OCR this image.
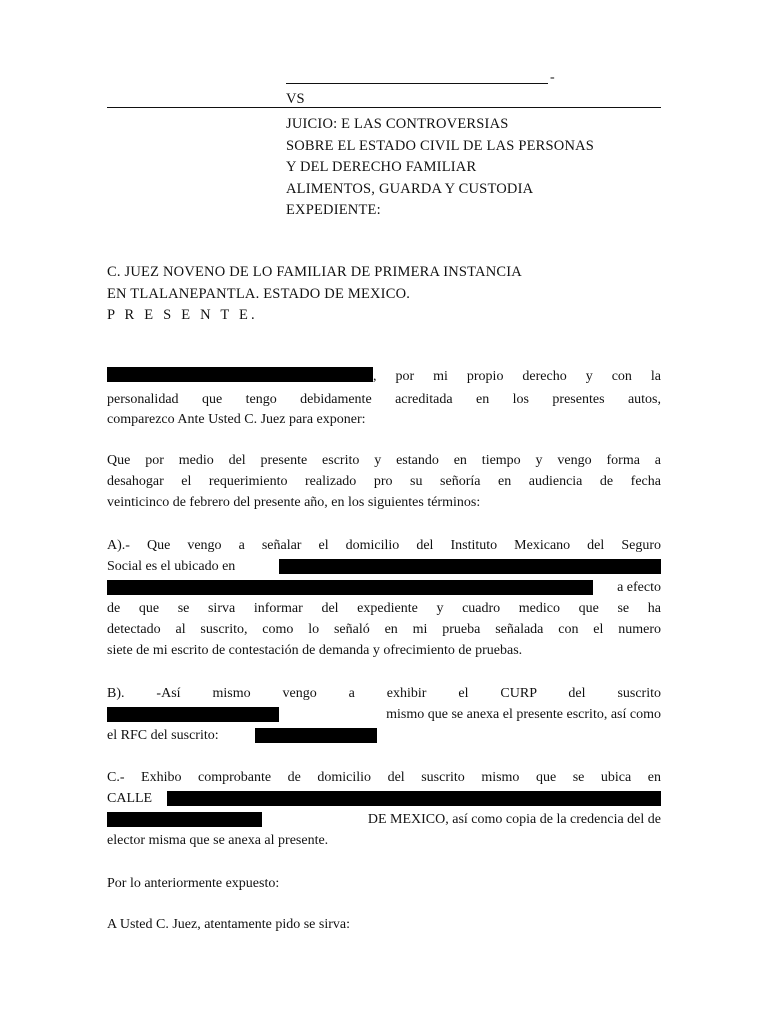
-
VS
JUICIO: E LAS CONTROVERSIAS
SOBRE EL ESTADO CIVIL DE LAS PERSONAS
Y DEL DERECHO FAMILIAR
ALIMENTOS, GUARDA Y CUSTODIA
EXPEDIENTE:
C. JUEZ NOVENO DE LO FAMILIAR DE PRIMERA INSTANCIA
EN TLALANEPANTLA. ESTADO DE MEXICO.
P R E S E N T E.
, por mi propio derecho y con la
personalidad que tengo debidamente acreditada en los presentes autos,
comparezco Ante Usted C. Juez para exponer:
Que por medio del presente escrito y estando en tiempo y vengo forma a
desahogar el requerimiento realizado pro su señoría en audiencia de fecha
veinticinco de febrero del presente año, en los siguientes términos:
A).- Que vengo a señalar el domicilio del Instituto Mexicano del Seguro
Social es el ubicado en
a efecto
de que se sirva informar del expediente y cuadro medico que se ha
detectado al suscrito, como lo señaló en mi prueba señalada con el numero
siete de mi escrito de contestación de demanda y ofrecimiento de pruebas.
B). -Así mismo vengo a exhibir el CURP del suscrito
mismo que se anexa el presente escrito, así como
el RFC del suscrito:
C.- Exhibo comprobante de domicilio del suscrito mismo que se ubica en
CALLE
DE MEXICO, así como copia de la credencia del de
elector misma que se anexa al presente.
Por lo anteriormente expuesto:
A Usted C. Juez, atentamente pido se sirva:
